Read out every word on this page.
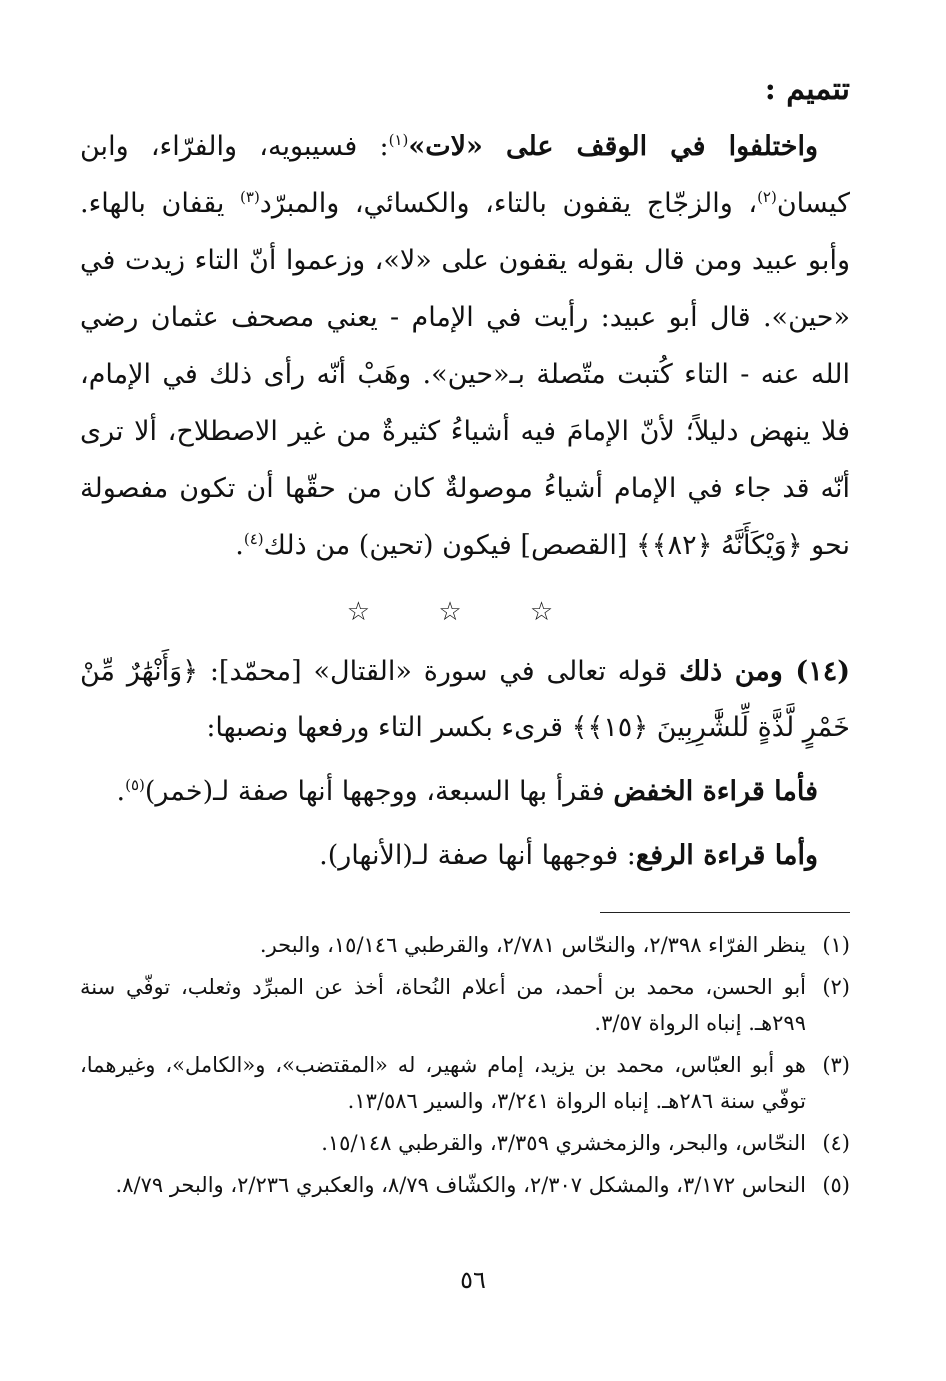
تتميم :

واختلفوا في الوقف على «لات»$^{(١)}$: فسيبويه، والفرّاء، وابن كيسان$^{(٢)}$، والزجّاج يقفون بالتاء، والكسائي، والمبرّد$^{(٣)}$ يقفان بالهاء. وأبو عبيد ومن قال بقوله يقفون على «لا»، وزعموا أنّ التاء زيدت في «حين». قال أبو عبيد: رأيت في الإمام - يعني مصحف عثمان رضي الله عنه - التاء كُتبت متّصلة بـ«حين». وهَبْ أنّه رأى ذلك في الإمام، فلا ينهض دليلاً؛ لأنّ الإمامَ فيه أشياءُ كثيرةٌ من غير الاصطلاح، ألا ترى أنّه قد جاء في الإمام أشياءُ موصولةٌ كان من حقّها أن تكون مفصولة نحو ﴿وَيْكَأَنَّهُ ﴿٨٢﴾﴾ [القصص] فيكون (تحين) من ذلك$^{(٤)}$.

☆ ☆ ☆

(١٤) ومن ذلك قوله تعالى في سورة «القتال» [محمّد]: ﴿وَأَنْهَٰرٌ مِّنْ خَمْرٍ لَّذَّةٍ لِّلشَّٰرِبِينَ ﴿١٥﴾﴾ قرىء بكسر التاء ورفعها ونصبها:

فأما قراءة الخفض فقرأ بها السبعة، ووجهها أنها صفة لـ(خمر)$^{(٥)}$.

وأما قراءة الرفع: فوجهها أنها صفة لـ(الأنهار).

(١)
ينظر الفرّاء ٢/٣٩٨، والنحّاس ٢/٧٨١، والقرطبي ١٥/١٤٦، والبحر.
(٢)
أبو الحسن، محمد بن أحمد، من أعلام النُحاة، أخذ عن المبرِّد وثعلب، توفّي سنة ٢٩٩هـ. إنباه الرواة ٣/٥٧.
(٣)
هو أبو العبّاس، محمد بن يزيد، إمام شهير، له «المقتضب»، و«الكامل»، وغيرهما، توفّي سنة ٢٨٦هـ. إنباه الرواة ٣/٢٤١، والسير ١٣/٥٨٦.
(٤)
النحّاس، والبحر، والزمخشري ٣/٣٥٩، والقرطبي ١٥/١٤٨.
(٥)
النحاس ٣/١٧٢، والمشكل ٢/٣٠٧، والكشّاف ٨/٧٩، والعكبري ٢/٢٣٦، والبحر ٨/٧٩.
٥٦
